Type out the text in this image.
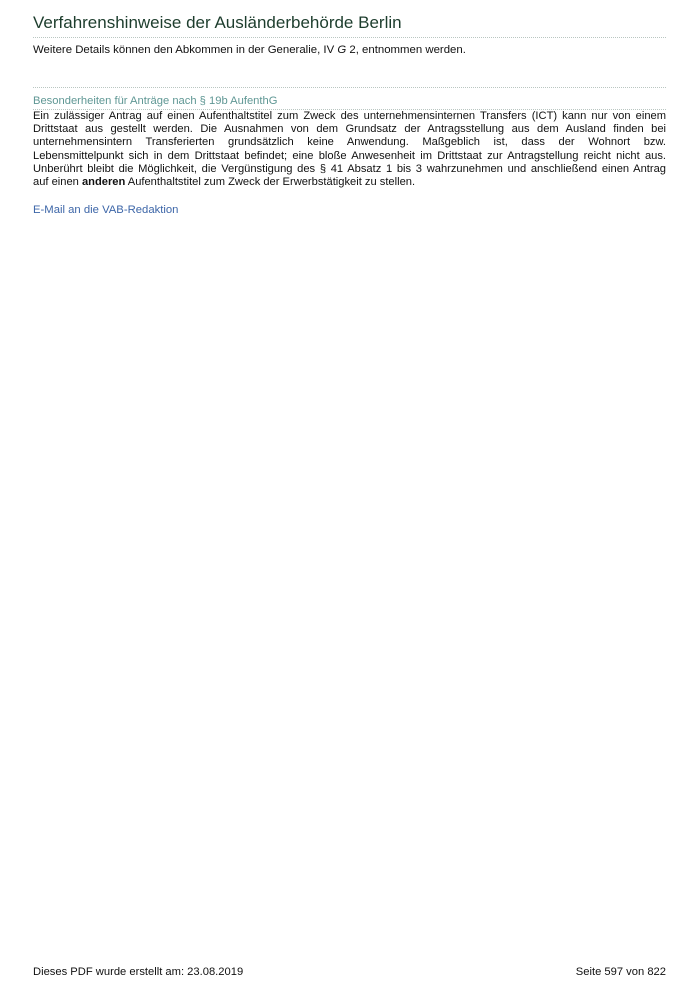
Verfahrenshinweise der Ausländerbehörde Berlin
Weitere Details können den Abkommen in der Generalie, IV G 2, entnommen werden.
Besonderheiten für Anträge nach § 19b AufenthG
Ein zulässiger Antrag auf einen Aufenthaltstitel zum Zweck des unternehmensinternen Transfers (ICT) kann nur von einem
Drittstaat aus gestellt werden. Die Ausnahmen von dem Grundsatz der Antragsstellung aus dem Ausland finden bei
unternehmensintern Transferierten grundsätzlich keine Anwendung. Maßgeblich ist, dass der Wohnort bzw.
Lebensmittelpunkt sich in dem Drittstaat befindet; eine bloße Anwesenheit im Drittstaat zur Antragstellung reicht nicht aus.
Unberührt bleibt die Möglichkeit, die Vergünstigung des § 41 Absatz 1 bis 3 wahrzunehmen und anschließend einen Antrag
auf einen anderen Aufenthaltstitel zum Zweck der Erwerbstätigkeit zu stellen.
E-Mail an die VAB-Redaktion
Dieses PDF wurde erstellt am: 23.08.2019	Seite 597 von 822
